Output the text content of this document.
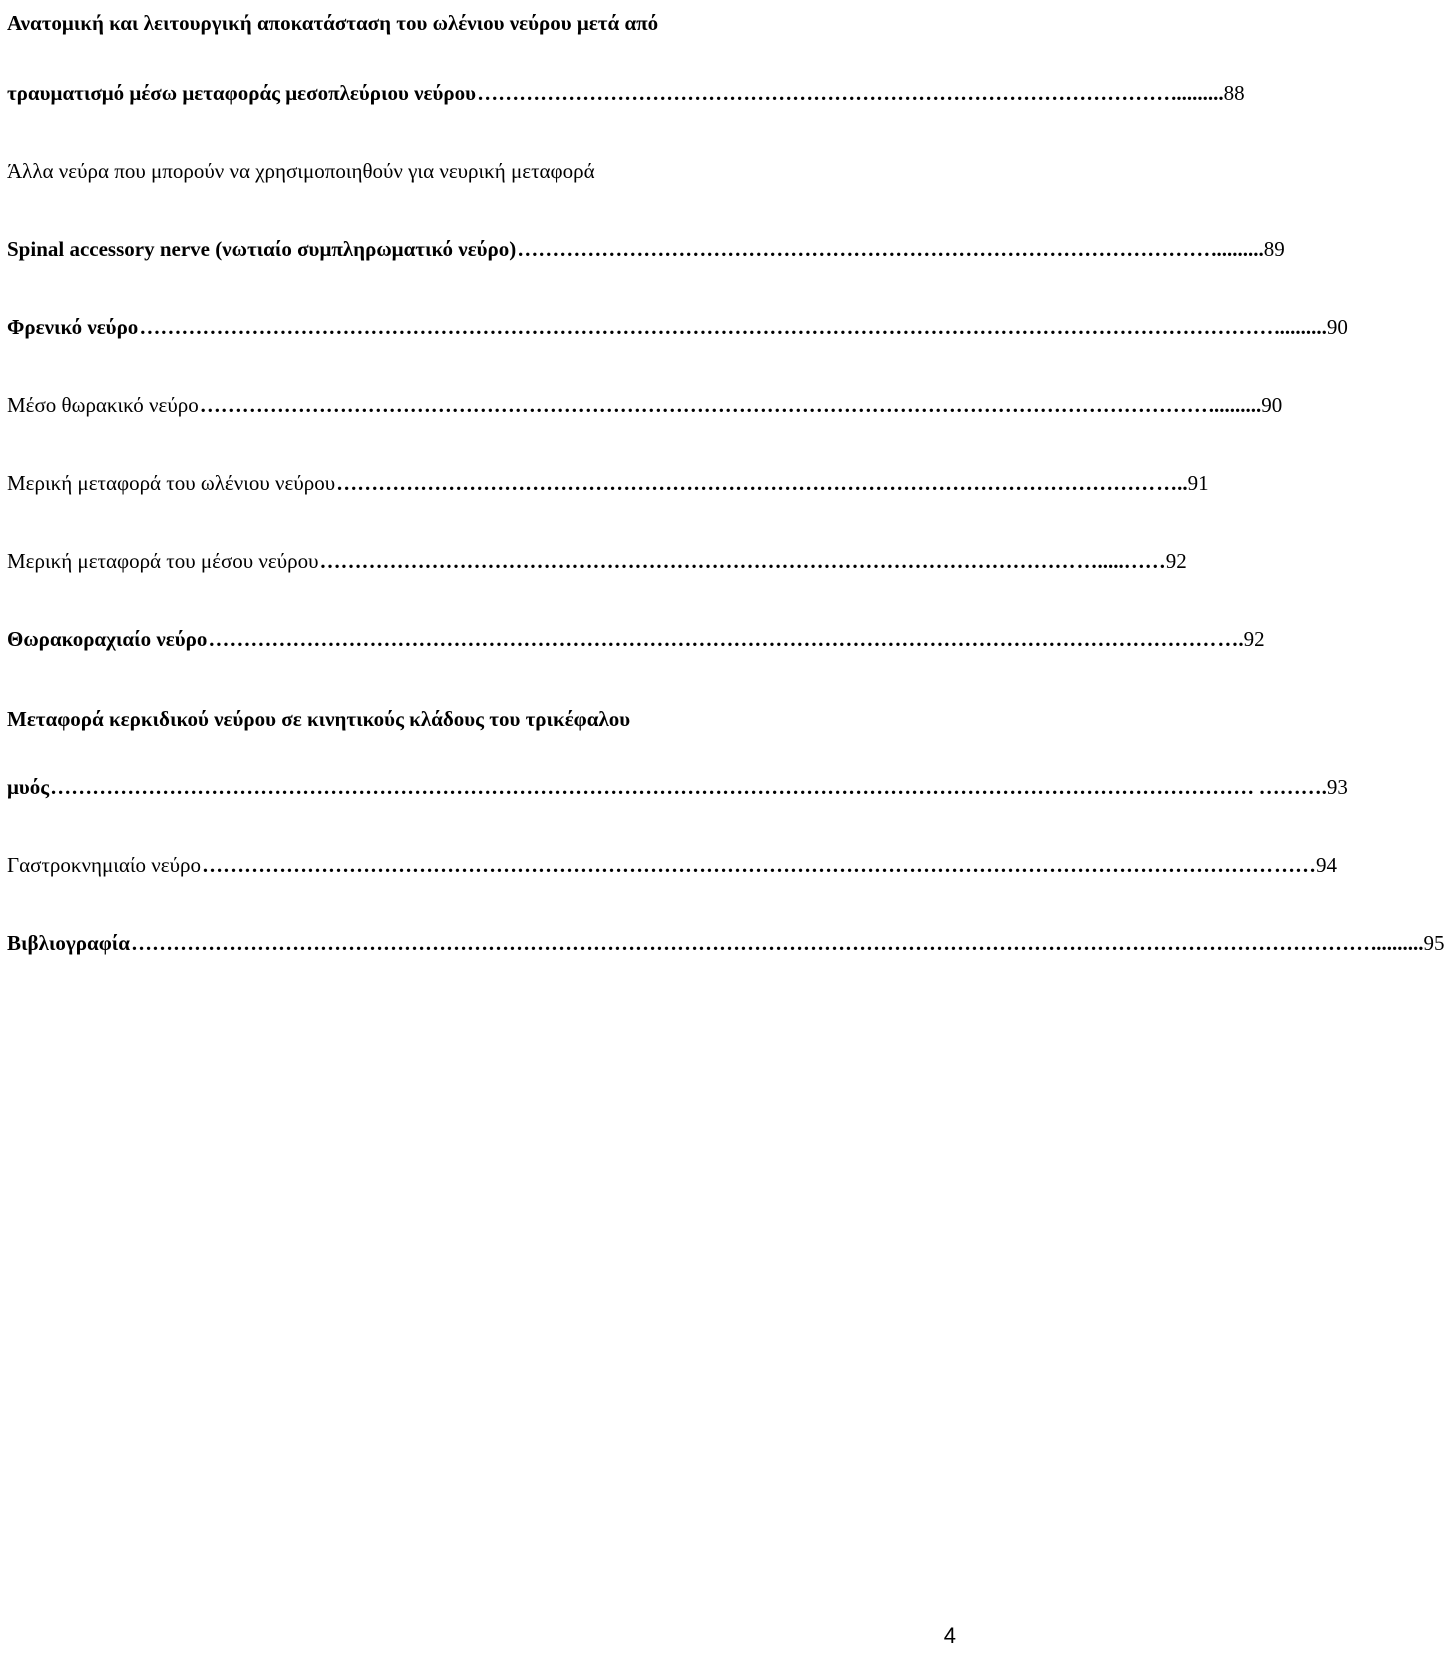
Ανατομική και λειτουργική αποκατάσταση του ωλένιου νεύρου μετά από
τραυματισμό μέσω μεταφοράς μεσοπλεύριου νεύρου ……………………………………………………………………………………… .......... 88
Άλλα νεύρα που μπορούν να χρησιμοποιηθούν για νευρική μεταφορά
Spinal accessory nerve (νωτιαίο συμπληρωματικό νεύρο) ……………………………………………………………………………………… .......... 89
Φρενικό νεύρο ……………………………………………………………………………………………………………………………………………… .......... 90
Μέσο θωρακικό νεύρο ……………………………………………………………………………………………………………………………… .......... 90
Μερική μεταφορά του ωλένιου νεύρου ……………………………………………………………………………………………………… ….. 91
Μερική μεταφορά του μέσου νεύρου ……………………………………………………………………………………………… ….....…… 92
Θωρακοραχιαίο νεύρο ……………………………………………………………………………………………………………………………… …. 92
Μεταφορά κερκιδικού νεύρου σε κινητικούς κλάδους του τρικέφαλου
μυός ……………………………………………………………………………………………………………………………………………………… . ………. 93
Γαστροκνημιαίο νεύρο ……………………………………………………………………………………………………………………………………… …… 94
Βιβλιογραφία …………………………………………………………………………………………………………………………………………………………… .......... 95
4
